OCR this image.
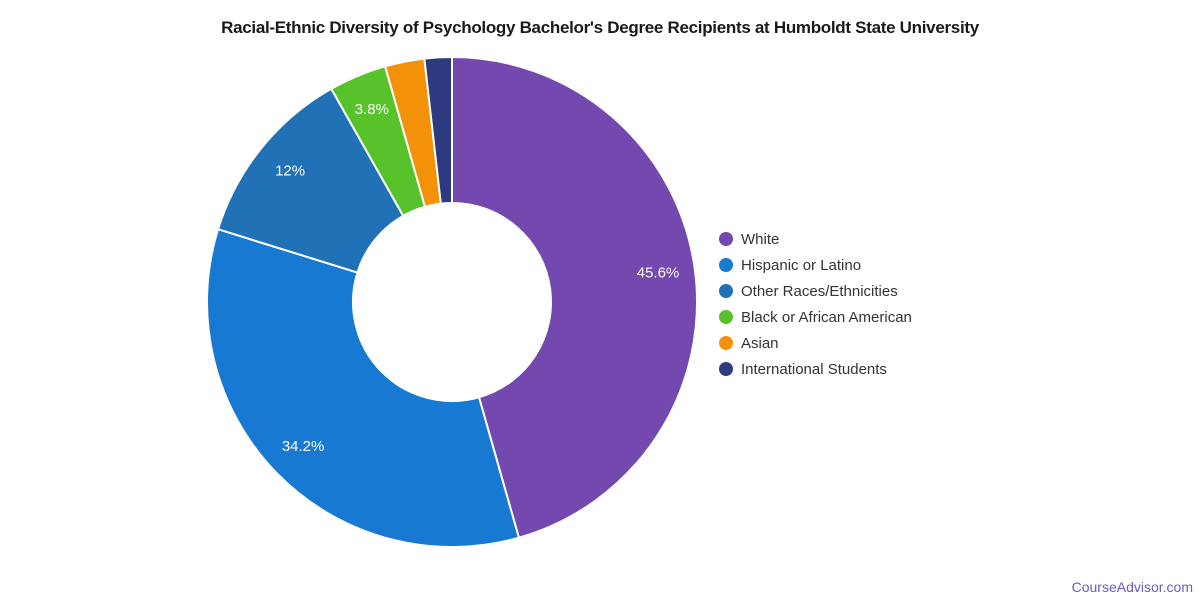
Racial-Ethnic Diversity of Psychology Bachelor's Degree Recipients at Humboldt State University
45.6%
34.2%
12%
3.8%
White
Hispanic or Latino
Other Races/Ethnicities
Black or African American
Asian
International Students
CourseAdvisor.com
